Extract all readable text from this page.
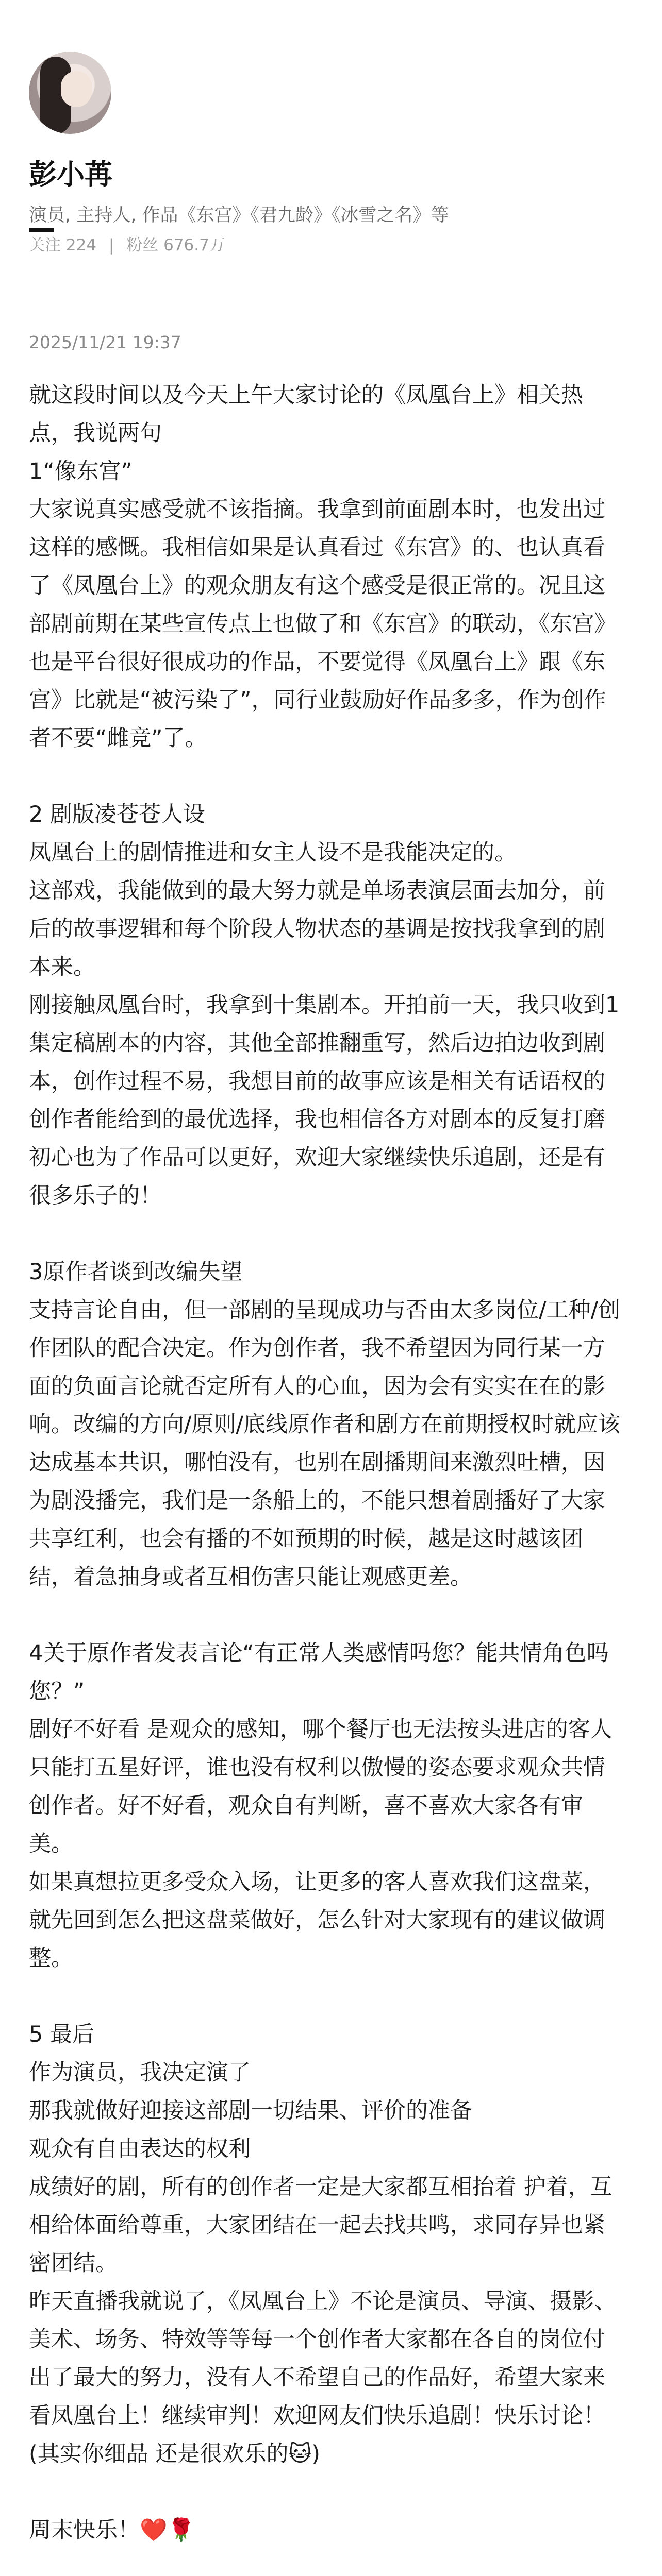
彭小苒
演员, 主持人, 作品《东宫》《君九龄》《冰雪之名》等
关注 224 | 粉丝 676.7万
2025/11/21 19:37

就这段时间以及今天上午大家讨论的《凤凰台上》相关热点，我说两句

1“像东宫”

大家说真实感受就不该指摘。我拿到前面剧本时，也发出过这样的感慨。我相信如果是认真看过《东宫》的、也认真看了《凤凰台上》的观众朋友有这个感受是很正常的。况且这部剧前期在某些宣传点上也做了和《东宫》的联动，《东宫》也是平台很好很成功的作品，不要觉得《凤凰台上》跟《东宫》比就是“被污染了”，同行业鼓励好作品多多，作为创作者不要“雌竞”了。

2 剧版凌苍苍人设

凤凰台上的剧情推进和女主人设不是我能决定的。

这部戏，我能做到的最大努力就是单场表演层面去加分，前后的故事逻辑和每个阶段人物状态的基调是按找我拿到的剧本来。

刚接触凤凰台时，我拿到十集剧本。开拍前一天，我只收到1集定稿剧本的内容，其他全部推翻重写，然后边拍边收到剧本，创作过程不易，我想目前的故事应该是相关有话语权的创作者能给到的最优选择，我也相信各方对剧本的反复打磨 初心也为了作品可以更好，欢迎大家继续快乐追剧，还是有很多乐子的！

3原作者谈到改编失望

支持言论自由，但一部剧的呈现成功与否由太多岗位/工种/创作团队的配合决定。作为创作者，我不希望因为同行某一方面的负面言论就否定所有人的心血，因为会有实实在在的影响。改编的方向/原则/底线原作者和剧方在前期授权时就应该达成基本共识，哪怕没有，也别在剧播期间来激烈吐槽，因为剧没播完，我们是一条船上的，不能只想着剧播好了大家共享红利，也会有播的不如预期的时候，越是这时越该团结，着急抽身或者互相伤害只能让观感更差。

4关于原作者发表言论“有正常人类感情吗您？能共情角色吗您？”

剧好不好看 是观众的感知，哪个餐厅也无法按头进店的客人只能打五星好评，谁也没有权利以傲慢的姿态要求观众共情创作者。好不好看，观众自有判断，喜不喜欢大家各有审美。

如果真想拉更多受众入场，让更多的客人喜欢我们这盘菜，就先回到怎么把这盘菜做好，怎么针对大家现有的建议做调整。

5 最后

作为演员，我决定演了

那我就做好迎接这部剧一切结果、评价的准备

观众有自由表达的权利

成绩好的剧，所有的创作者一定是大家都互相抬着 护着，互相给体面给尊重，大家团结在一起去找共鸣，求同存异也紧密团结。

昨天直播我就说了，《凤凰台上》不论是演员、导演、摄影、美术、场务、特效等等每一个创作者大家都在各自的岗位付出了最大的努力，没有人不希望自己的作品好，希望大家来看凤凰台上！继续审判！欢迎网友们快乐追剧！快乐讨论！(其实你细品 还是很欢乐的🐱)

周末快乐！❤️🌹
